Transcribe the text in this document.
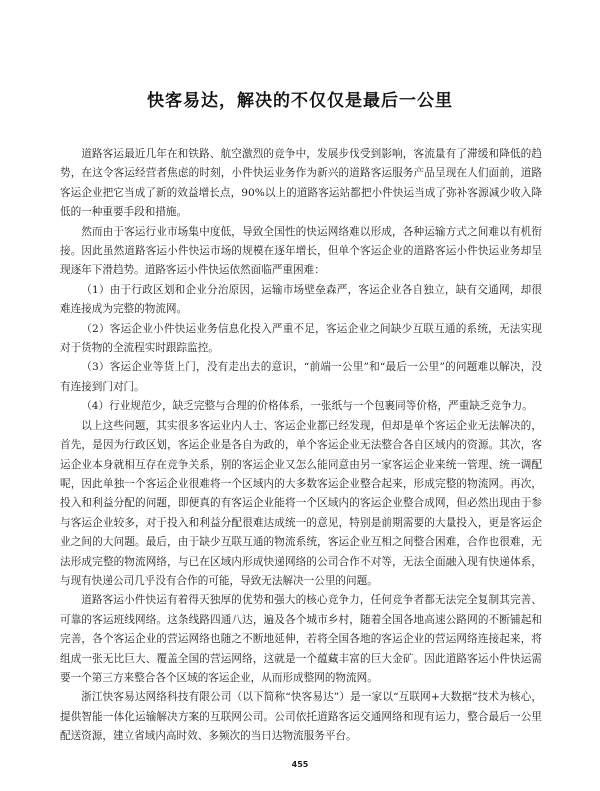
快客易达，解决的不仅仅是最后一公里

道路客运最近几年在和铁路、航空激烈的竞争中，发展步伐受到影响，客流量有了滞缓和降低的趋势，在这令客运经营者焦虑的时刻，小件快运业务作为新兴的道路客运服务产品呈现在人们面前，道路客运企业把它当成了新的效益增长点，90%以上的道路客运站都把小件快运当成了弥补客源减少收入降低的一种重要手段和措施。

然而由于客运行业市场集中度低，导致全国性的快运网络难以形成，各种运输方式之间难以有机衔接。因此虽然道路客运小件快运市场的规模在逐年增长，但单个客运企业的道路客运小件快运业务却呈现逐年下滑趋势。道路客运小件快运依然面临严重困难：

（1）由于行政区划和企业分治原因，运输市场壁垒森严，客运企业各自独立，缺有交通网，却很难连接成为完整的物流网。

（2）客运企业小件快运业务信息化投入严重不足，客运企业之间缺少互联互通的系统，无法实现对于货物的全流程实时跟踪监控。

（3）客运企业等货上门，没有走出去的意识，“前端一公里”和“最后一公里”的问题难以解决，没有连接到门对门。

（4）行业规范少，缺乏完整与合理的价格体系，一张纸与一个包裹同等价格，严重缺乏竞争力。

以上这些问题，其实很多客运业内人士、客运企业都已经发现，但却是单个客运企业无法解决的，首先，是因为行政区划，客运企业是各自为政的，单个客运企业无法整合各自区域内的资源。其次，客运企业本身就相互存在竞争关系，别的客运企业又怎么能同意由另一家客运企业来统一管理、统一调配呢，因此单独一个客运企业很难将一个区域内的大多数客运企业整合起来，形成完整的物流网。再次，投入和利益分配的问题，即便真的有客运企业能将一个区域内的客运企业整合成网，但必然出现由于参与客运企业较多，对于投入和利益分配很难达成统一的意见，特别是前期需要的大量投入，更是客运企业之间的大问题。最后，由于缺少互联互通的物流系统，客运企业互相之间整合困难，合作也很难，无法形成完整的物流网络，与已在区域内形成快递网络的公司合作不对等，无法全面融入现有快递体系，与现有快递公司几乎没有合作的可能，导致无法解决一公里的问题。

道路客运小件快运有着得天独厚的优势和强大的核心竞争力，任何竞争者都无法完全复制其完善、可靠的客运班线网络。这条线路四通八达，遍及各个城市乡村，随着全国各地高速公路网的不断铺起和完善，各个客运企业的营运网络也随之不断地延伸，若将全国各地的客运企业的营运网络连接起来，将组成一张无比巨大、覆盖全国的营运网络，这就是一个蕴藏丰富的巨大金矿。因此道路客运小件快运需要一个第三方来整合各个区域的客运企业，从而形成整网的物流网。

浙江快客易达网络科技有限公司（以下简称“快客易达”）是一家以“互联网+大数据”技术为核心，提供智能一体化运输解决方案的互联网公司。公司依托道路客运交通网络和现有运力，整合最后一公里配送资源，建立省域内高时效、多频次的当日达物流服务平台。

455
